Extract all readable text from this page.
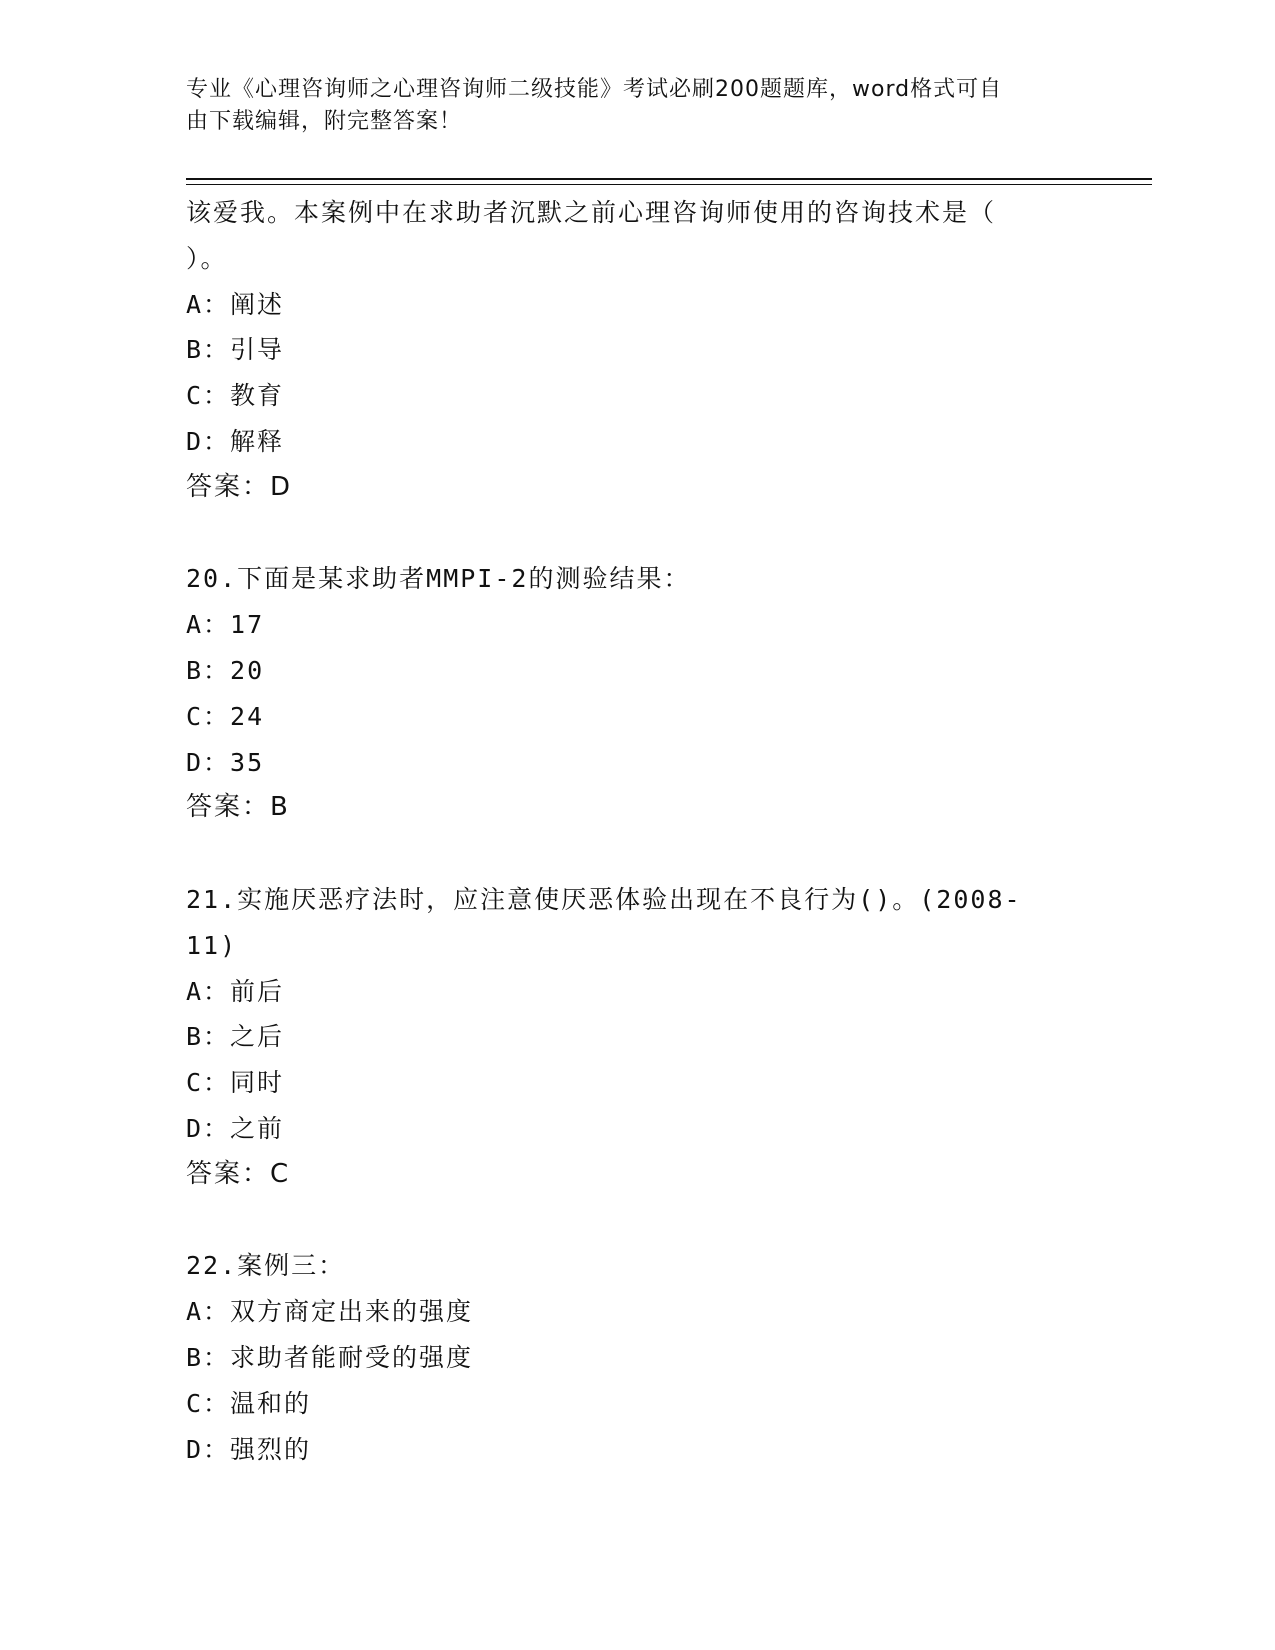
专业《心理咨询师之心理咨询师二级技能》考试必刷200题题库，word格式可自
由下载编辑，附完整答案！
该爱我。本案例中在求助者沉默之前心理咨询师使用的咨询技术是（
）。
A：阐述
B：引导
C：教育
D：解释
答案：D
20.下面是某求助者MMPI-2的测验结果：
A：17
B：20
C：24
D：35
答案：B
21.实施厌恶疗法时，应注意使厌恶体验出现在不良行为()。(2008-
11)
A：前后
B：之后
C：同时
D：之前
答案：C
22.案例三：
A：双方商定出来的强度
B：求助者能耐受的强度
C：温和的
D：强烈的
